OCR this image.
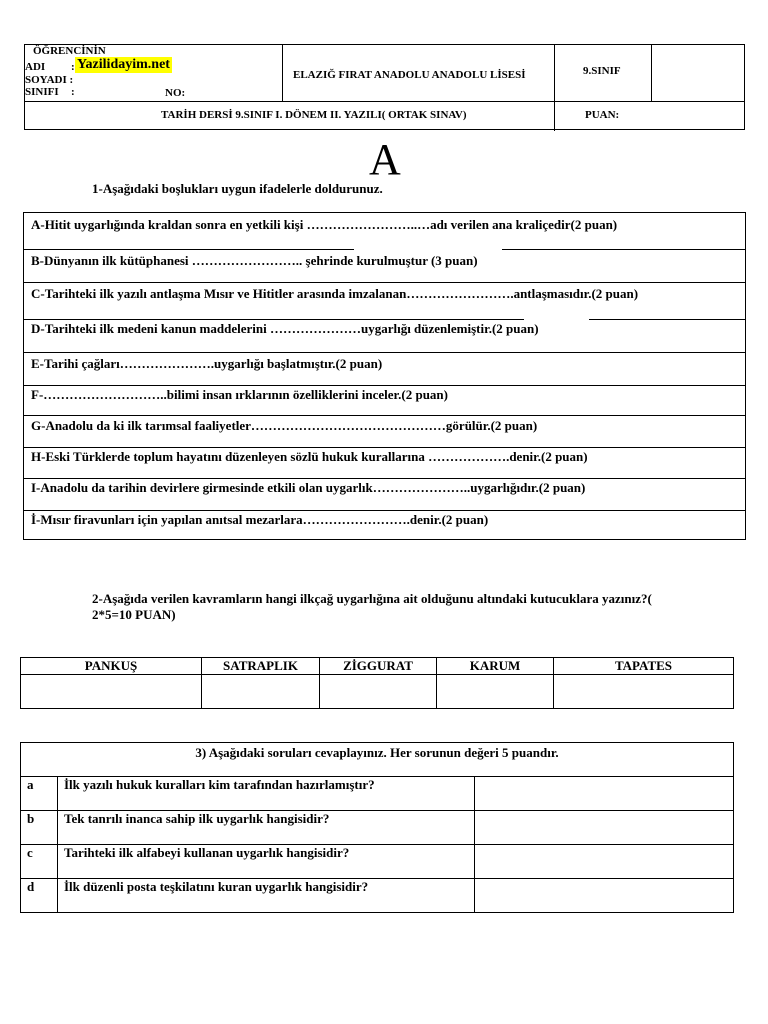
ÖĞRENCİNİN
ADI : Yazilidayim.net
SOYADI :
SINIFI :	NO:
ELAZIĞ FIRAT ANADOLU ANADOLU LİSESİ	9.SINIF
TARİH DERSİ 9.SINIF I. DÖNEM II. YAZILI( ORTAK SINAV)	PUAN:
A
1-Aşağıdaki boşlukları uygun ifadelerle doldurunuz.
A-Hitit uygarlığında kraldan sonra en yetkili kişi ……………………..…adı verilen ana kraliçedir(2 puan)
B-Dünyanın ilk kütüphanesi …………………….. şehrinde kurulmuştur (3 puan)
C-Tarihteki ilk yazılı antlaşma Mısır ve Hititler arasında imzalanan…………………….antlaşmasıdır.(2 puan)
D-Tarihteki ilk medeni kanun maddelerini …………………uygarlığı düzenlemiştir.(2 puan)
E-Tarihi çağları………………….uygarlığı başlatmıştır.(2 puan)
F-………………………..bilimi insan ırklarının özelliklerini inceler.(2 puan)
G-Anadolu da ki ilk tarımsal faaliyetler………………………………………görülür.(2 puan)
H-Eski Türklerde toplum hayatını düzenleyen sözlü hukuk kurallarına ……………….denir.(2 puan)
I-Anadolu da tarihin devirlere girmesinde etkili olan uygarlık…………………..uygarlığıdır.(2 puan)
İ-Mısır firavunları için yapılan anıtsal mezarlara…………………….denir.(2 puan)
2-Aşağıda verilen kavramların hangi ilkçağ uygarlığına ait olduğunu altındaki kutucuklara yazınız?( 2*5=10 PUAN)
PANKUŞ	SATRAPLIK	ZİGGURAT	KARUM	TAPATES

3) Aşağıdaki soruları cevaplayınız. Her sorunun değeri 5 puandır.		
a	İlk yazılı hukuk kuralları kim tarafından hazırlamıştır?	
b	Tek tanrılı inanca sahip ilk uygarlık hangisidir?	
c	Tarihteki ilk alfabeyi kullanan uygarlık hangisidir?	
d	İlk düzenli posta teşkilatını kuran uygarlık hangisidir?	
